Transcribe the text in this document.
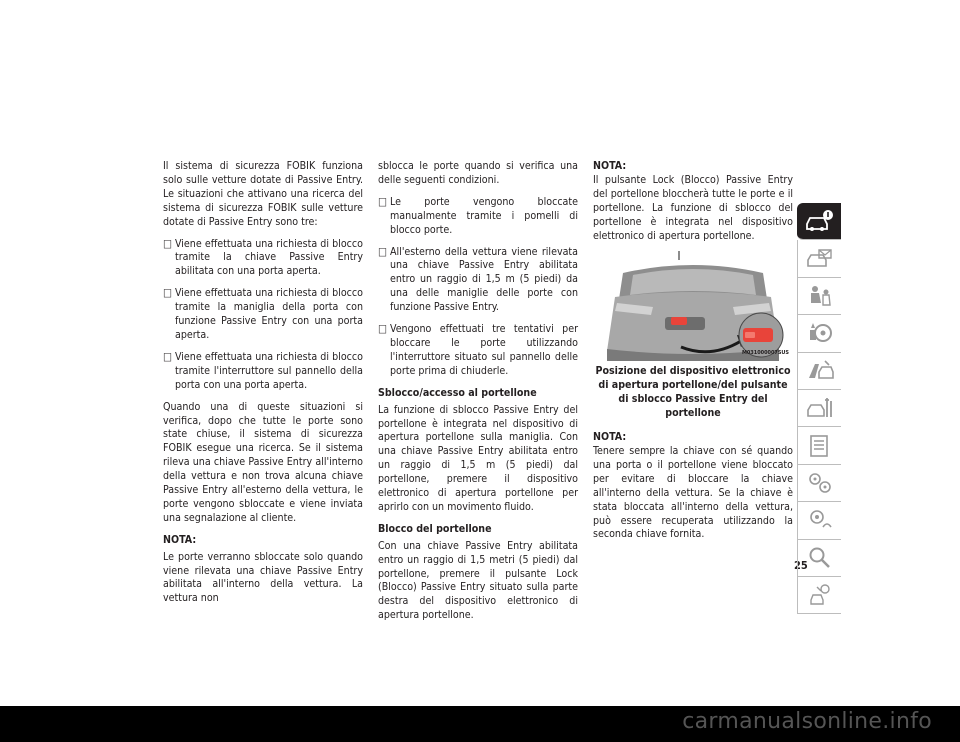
Il sistema di sicurezza FOBIK funziona solo sulle vetture dotate di Passive Entry. Le situazioni che attivano una ricerca del sistema di sicurezza FOBIK sulle vetture dotate di Passive Entry sono tre:

□ Viene effettuata una richiesta di blocco tramite la chiave Passive Entry abilitata con una porta aperta.
□ Viene effettuata una richiesta di blocco tramite la maniglia della porta con funzione Passive Entry con una porta aperta.
□ Viene effettuata una richiesta di blocco tramite l'interruttore sul pannello della porta con una porta aperta.

Quando una di queste situazioni si verifica, dopo che tutte le porte sono state chiuse, il sistema di sicurezza FOBIK esegue una ricerca. Se il sistema rileva una chiave Passive Entry all'interno della vettura e non trova alcuna chiave Passive Entry all'esterno della vettura, le porte vengono sbloccate e viene inviata una segnalazione al cliente.

NOTA:

Le porte verranno sbloccate solo quando viene rilevata una chiave Passive Entry abilitata all'interno della vettura. La vettura non

sblocca le porte quando si verifica una delle seguenti condizioni.

□ Le porte vengono bloccate manualmente tramite i pomelli di blocco porte.
□ All'esterno della vettura viene rilevata una chiave Passive Entry abilitata entro un raggio di 1,5 m (5 piedi) da una delle maniglie delle porte con funzione Passive Entry.
□ Vengono effettuati tre tentativi per bloccare le porte utilizzando l'interruttore situato sul pannello delle porte prima di chiuderle.
Sblocco/accesso al portellone

La funzione di sblocco Passive Entry del portellone è integrata nel dispositivo di apertura portellone sulla maniglia. Con una chiave Passive Entry abilitata entro un raggio di 1,5 m (5 piedi) dal portellone, premere il dispositivo elettronico di apertura portellone per aprirlo con un movimento fluido.

Blocco del portellone

Con una chiave Passive Entry abilitata entro un raggio di 1,5 metri (5 piedi) dal portellone, premere il pulsante Lock (Blocco) Passive Entry situato sulla parte destra del dispositivo elettronico di apertura portellone.

NOTA:

Il pulsante Lock (Blocco) Passive Entry del portellone bloccherà tutte le porte e il portellone. La funzione di sblocco del portellone è integrata nel dispositivo elettronico di apertura portellone.

M031000007SUS
Posizione del dispositivo elettronico di apertura portellone/del pulsante di sblocco Passive Entry del portellone
NOTA:

Tenere sempre la chiave con sé quando una porta o il portellone viene bloccato per evitare di bloccare la chiave all'interno della vettura. Se la chiave è stata bloccata all'interno della vettura, può essere recuperata utilizzando la seconda chiave fornita.

25
carmanualsonline.info
